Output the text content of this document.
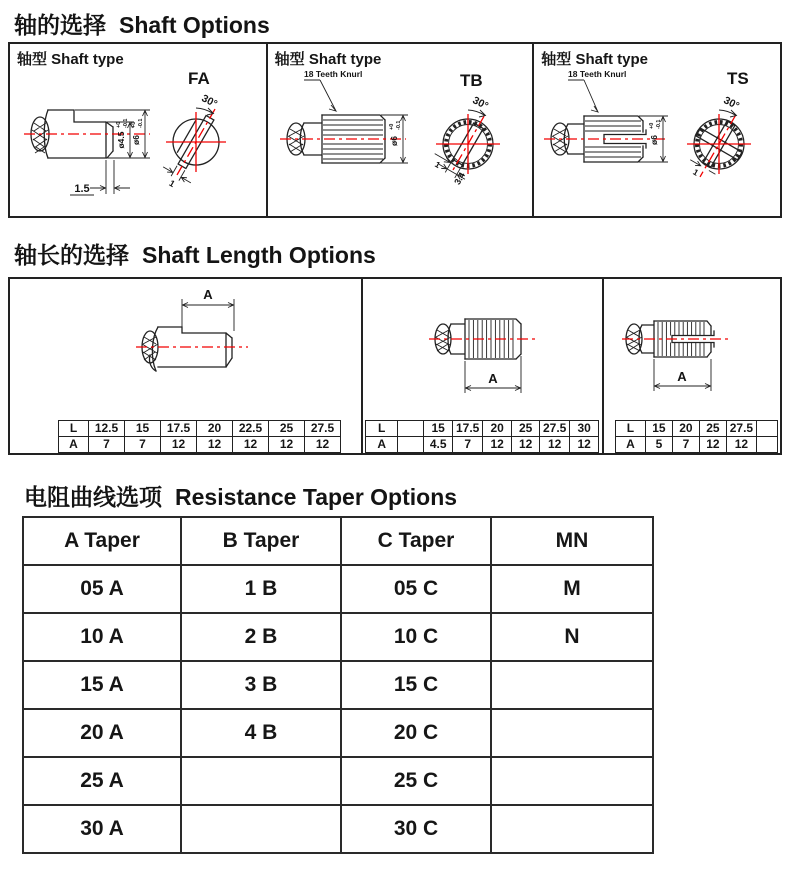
轴的选择 Shaft Options
轴型 Shaft type
FA
ø4.5
+0 -0.1
ø6
+0 -0.1
1.5	1
30°
轴型 Shaft type
TB
18 Teeth Knurl
ø6
+0 -0.1
3.4
1
30°
轴型 Shaft type
TS
18 Teeth Knurl
ø6
+0 -0.1
1
30°
轴长的选择 Shaft Length Options
A
L	12.5	15	17.5	20	22.5	25	27.5
A	7	7	12	12	12	12	12
A
L		15	17.5	20	25	27.5	30
A		4.5	7	12	12	12	12
A
L	15	20	25	27.5	
A	5	7	12	12	
电阻曲线选项 Resistance Taper Options
A Taper	B Taper	C Taper	MN
05 A	1 B	05 C	M
10 A	2 B	10 C	N
15 A	3 B	15 C	
20 A	4 B	20 C	
25 A		25 C	
30 A		30 C	
